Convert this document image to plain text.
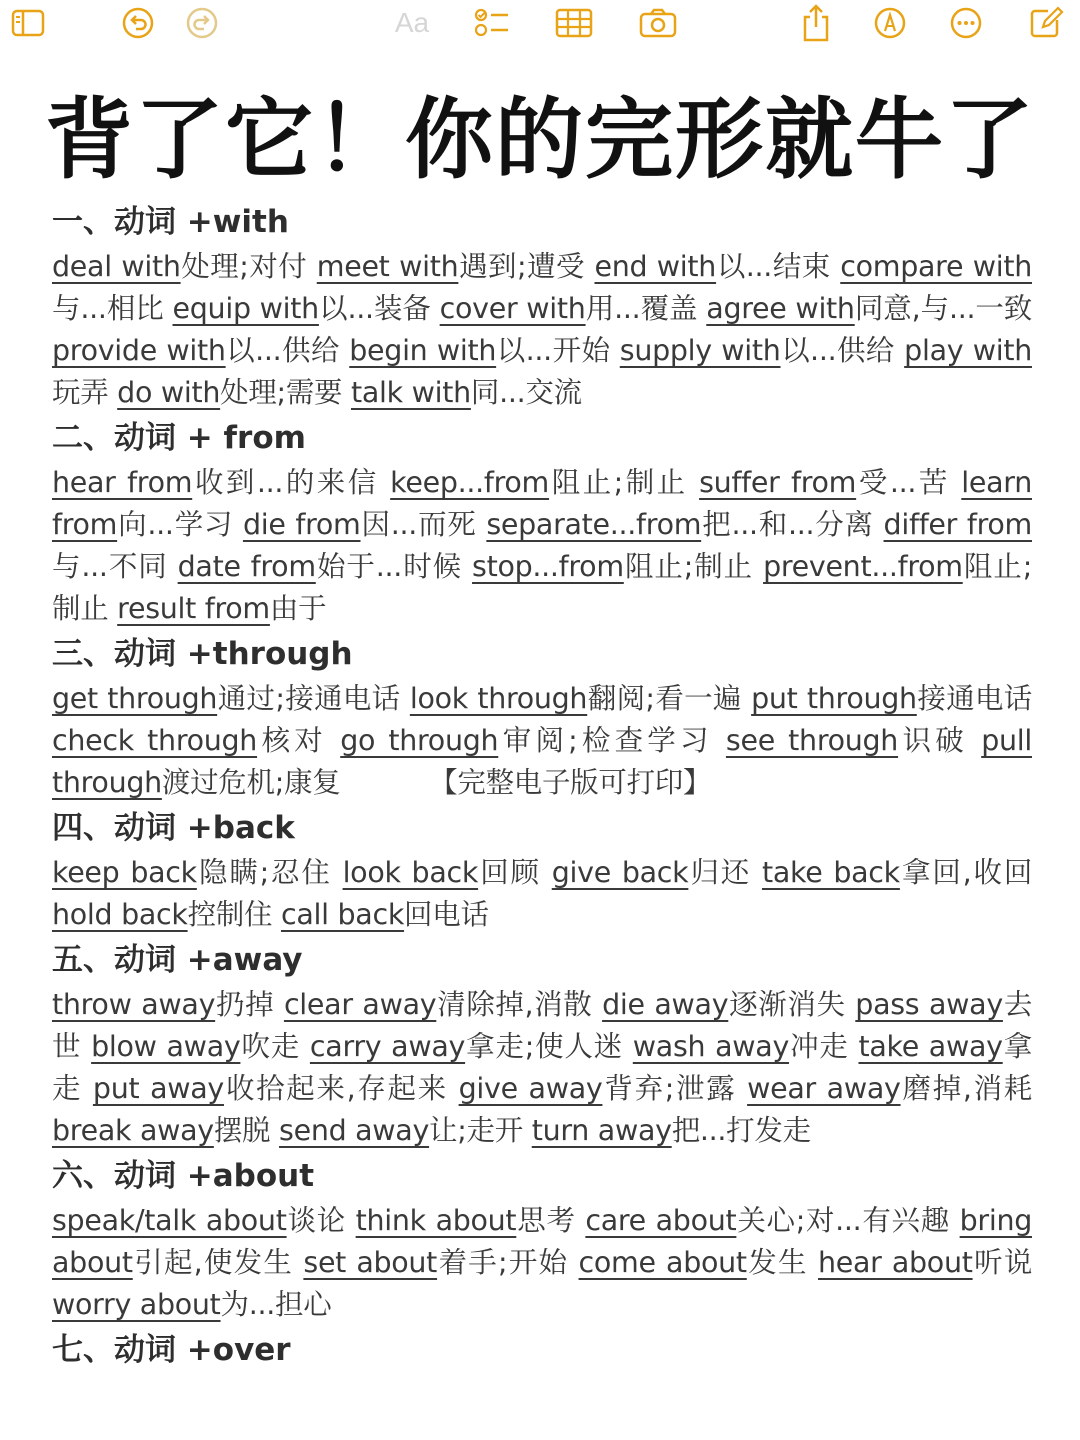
Aa
背了它！你的完形就牛了
一、动词 +with
deal with处理;对付 meet with遇到;遭受 end with以...结束 compare with与...相比 equip with以...装备 cover with用...覆盖 agree with同意,与...一致 provide with以...供给 begin with以...开始 supply with以...供给 play with玩弄 do with处理;需要 talk with同...交流
二、动词 + from
hear from收到...的来信 keep...from阻止;制止 suffer from受...苦 learn from向...学习 die from因...而死 separate...from把...和...分离 differ from与...不同 date from始于...时候 stop...from阻止;制止 prevent...from阻止;制止 result from由于
三、动词 +through
get through通过;接通电话 look through翻阅;看一遍 put through接通电话 check through核对 go through审阅;检查学习 see through识破 pull through渡过危机;康复	【完整电子版可打印】
四、动词 +back
keep back隐瞒;忍住 look back回顾 give back归还 take back拿回,收回 hold back控制住 call back回电话
五、动词 +away
throw away扔掉 clear away清除掉,消散 die away逐渐消失 pass away去世 blow away吹走 carry away拿走;使人迷 wash away冲走 take away拿走 put away收拾起来,存起来 give away背弃;泄露 wear away磨掉,消耗 break away摆脱 send away让;走开 turn away把...打发走
六、动词 +about
speak/talk about谈论 think about思考 care about关心;对...有兴趣 bring about引起,使发生 set about着手;开始 come about发生 hear about听说 worry about为...担心
七、动词 +over
